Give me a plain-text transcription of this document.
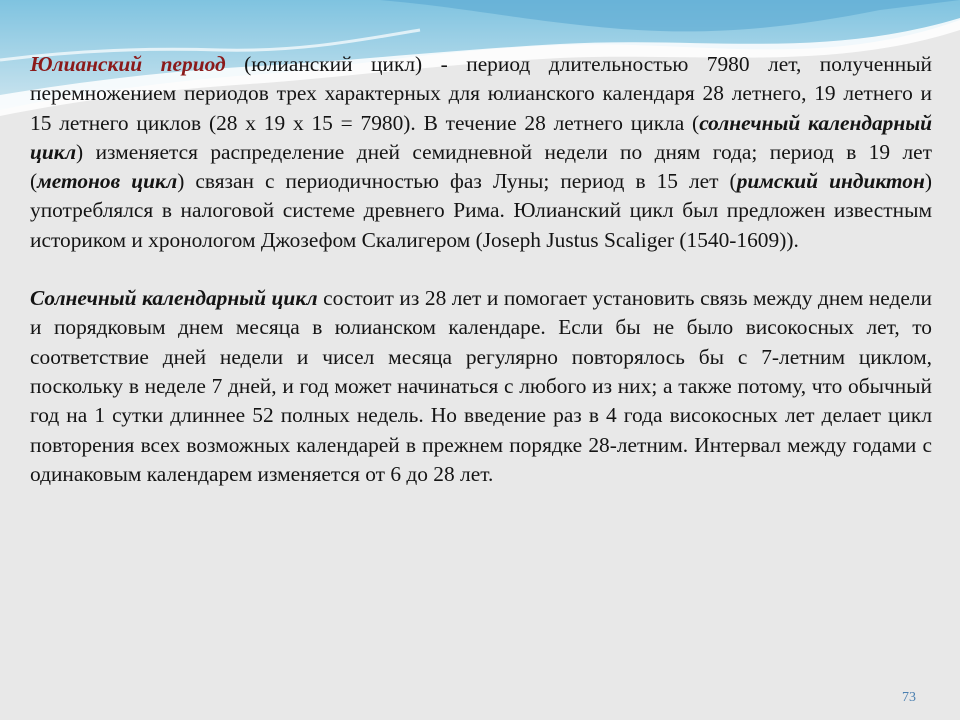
Юлианский период (юлианский цикл) - период длительностью 7980 лет, полученный перемножением периодов трех характерных для юлианского календаря 28 летнего, 19 летнего и 15 летнего циклов (28 x 19 x 15 = 7980). В течение 28 летнего цикла (солнечный календарный цикл) изменяется распределение дней семидневной недели по дням года; период в 19 лет (метонов цикл) связан с периодичностью фаз Луны; период в 15 лет (римский индиктон) употреблялся в налоговой системе древнего Рима. Юлианский цикл был предложен известным историком и хронологом Джозефом Скалигером (Joseph Justus Scaliger (1540-1609)).

Солнечный календарный цикл состоит из 28 лет и помогает установить связь между днем недели и порядковым днем месяца в юлианском календаре. Если бы не было високосных лет, то соответствие дней недели и чисел месяца регулярно повторялось бы с 7-летним циклом, поскольку в неделе 7 дней, и год может начинаться с любого из них; а также потому, что обычный год на 1 сутки длиннее 52 полных недель. Но введение раз в 4 года високосных лет делает цикл повторения всех возможных календарей в прежнем порядке 28-летним. Интервал между годами с одинаковым календарем изменяется от 6 до 28 лет.

73
